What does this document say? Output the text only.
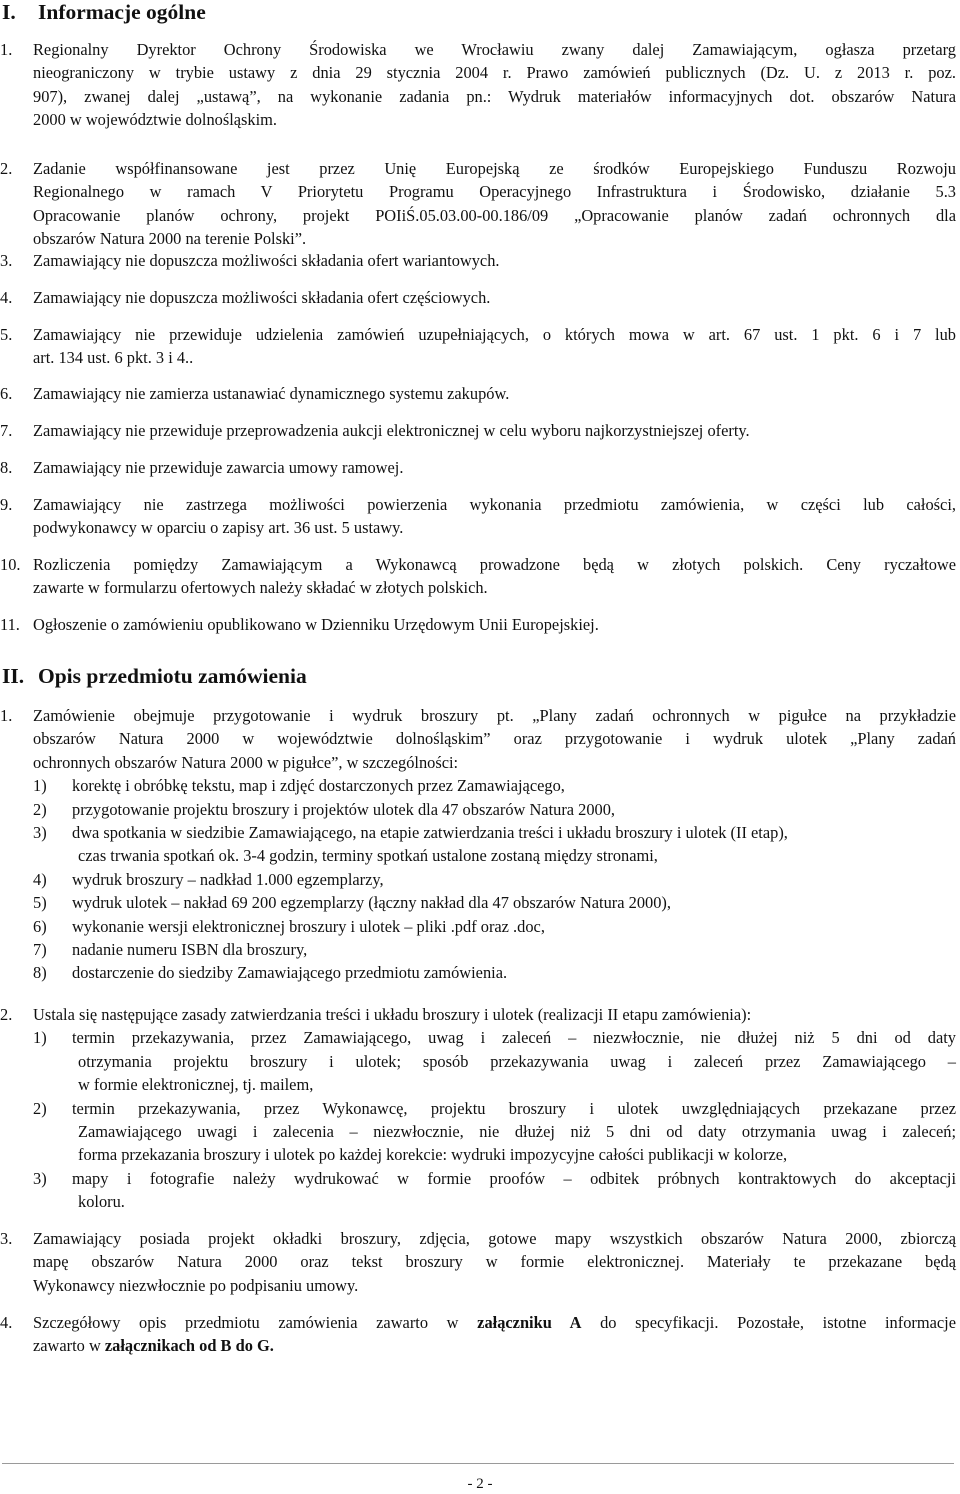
I. Informacje ogólne
1. Regionalny Dyrektor Ochrony Środowiska we Wrocławiu zwany dalej Zamawiającym, ogłasza przetarg
nieograniczony w trybie ustawy z dnia 29 stycznia 2004 r. Prawo zamówień publicznych (Dz. U. z 2013 r. poz.
907), zwanej dalej „ustawą”, na wykonanie zadania pn.: Wydruk materiałów informacyjnych dot. obszarów Natura
2000 w województwie dolnośląskim.
2. Zadanie współfinansowane jest przez Unię Europejską ze środków Europejskiego Funduszu Rozwoju
Regionalnego w ramach V Priorytetu Programu Operacyjnego Infrastruktura i Środowisko, działanie 5.3
Opracowanie planów ochrony, projekt POIiŚ.05.03.00-00.186/09 „Opracowanie planów zadań ochronnych dla
obszarów Natura 2000 na terenie Polski”.
3. Zamawiający nie dopuszcza możliwości składania ofert wariantowych.
4. Zamawiający nie dopuszcza możliwości składania ofert częściowych.
5. Zamawiający nie przewiduje udzielenia zamówień uzupełniających, o których mowa w art. 67 ust. 1 pkt. 6 i 7 lub
art. 134 ust. 6 pkt. 3 i 4..
6. Zamawiający nie zamierza ustanawiać dynamicznego systemu zakupów.
7. Zamawiający nie przewiduje przeprowadzenia aukcji elektronicznej w celu wyboru najkorzystniejszej oferty.
8. Zamawiający nie przewiduje zawarcia umowy ramowej.
9. Zamawiający nie zastrzega możliwości powierzenia wykonania przedmiotu zamówienia, w części lub całości,
podwykonawcy w oparciu o zapisy art. 36 ust. 5 ustawy.
10. Rozliczenia pomiędzy Zamawiającym a Wykonawcą prowadzone będą w złotych polskich. Ceny ryczałtowe
zawarte w formularzu ofertowych należy składać w złotych polskich.
11. Ogłoszenie o zamówieniu opublikowano w Dzienniku Urzędowym Unii Europejskiej.
II. Opis przedmiotu zamówienia
1. Zamówienie obejmuje przygotowanie i wydruk broszury pt. „Plany zadań ochronnych w pigułce na przykładzie
obszarów Natura 2000 w województwie dolnośląskim” oraz przygotowanie i wydruk ulotek „Plany zadań
ochronnych obszarów Natura 2000 w pigułce”, w szczególności:
1)	korektę i obróbkę tekstu, map i zdjęć dostarczonych przez Zamawiającego,
2)	przygotowanie projektu broszury i projektów ulotek dla 47 obszarów Natura 2000,
3)	dwa spotkania w siedzibie Zamawiającego, na etapie zatwierdzania treści i układu broszury i ulotek (II etap),
czas trwania spotkań ok. 3-4 godzin, terminy spotkań ustalone zostaną między stronami,
4)	wydruk broszury – nadkład 1.000 egzemplarzy,
5)	wydruk ulotek – nakład 69 200 egzemplarzy (łączny nakład dla 47 obszarów Natura 2000),
6)	wykonanie wersji elektronicznej broszury i ulotek – pliki .pdf oraz .doc,
7)	nadanie numeru ISBN dla broszury,
8)	dostarczenie do siedziby Zamawiającego przedmiotu zamówienia.
2. Ustala się następujące zasady zatwierdzania treści i układu broszury i ulotek (realizacji II etapu zamówienia):
1)	termin przekazywania, przez Zamawiającego, uwag i zaleceń – niezwłocznie, nie dłużej niż 5 dni od daty
otrzymania projektu broszury i ulotek; sposób przekazywania uwag i zaleceń przez Zamawiającego –
w formie elektronicznej, tj. mailem,
2)	termin przekazywania, przez Wykonawcę, projektu broszury i ulotek uwzględniających przekazane przez
Zamawiającego uwagi i zalecenia – niezwłocznie, nie dłużej niż 5 dni od daty otrzymania uwag i zaleceń;
forma przekazania broszury i ulotek po każdej korekcie: wydruki impozycyjne całości publikacji w kolorze,
3)	mapy i fotografie należy wydrukować w formie proofów – odbitek próbnych kontraktowych do akceptacji
koloru.
3. Zamawiający posiada projekt okładki broszury, zdjęcia, gotowe mapy wszystkich obszarów Natura 2000, zbiorczą
mapę obszarów Natura 2000 oraz tekst broszury w formie elektronicznej. Materiały te przekazane będą
Wykonawcy niezwłocznie po podpisaniu umowy.
4. Szczegółowy opis przedmiotu zamówienia zawarto w załączniku A do specyfikacji. Pozostałe, istotne informacje
zawarto w załącznikach od B do G.
- 2 -
